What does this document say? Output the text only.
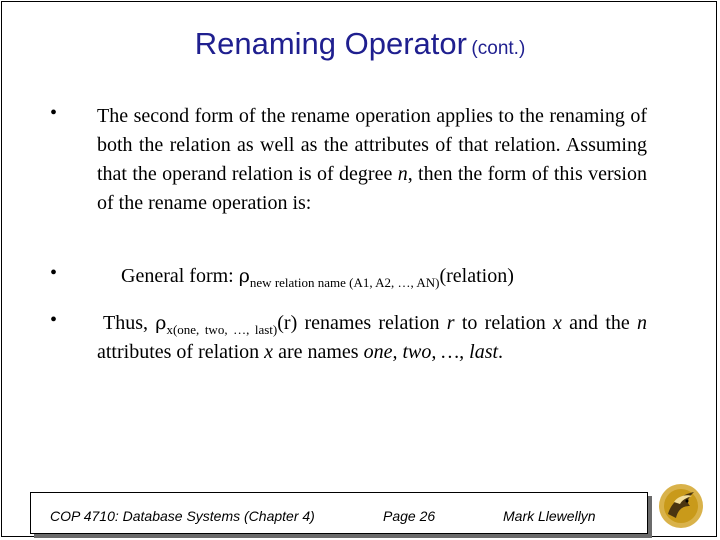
Renaming Operator (cont.)
• The second form of the rename operation applies to the renaming of both the relation as well as the attributes of that relation. Assuming that the operand relation is of degree n, then the form of this version of the rename operation is:
•	General form: $\rho_{new relation name (A1, A2, \dots, AN)}(relation)$
•	Thus, $\rho_{x(one, two, \dots, last)}(r)$ renames relation r to relation x and the n attributes of relation x are names one, two, …, last.
COP 4710: Database Systems (Chapter 4)	Page 26	Mark Llewellyn
